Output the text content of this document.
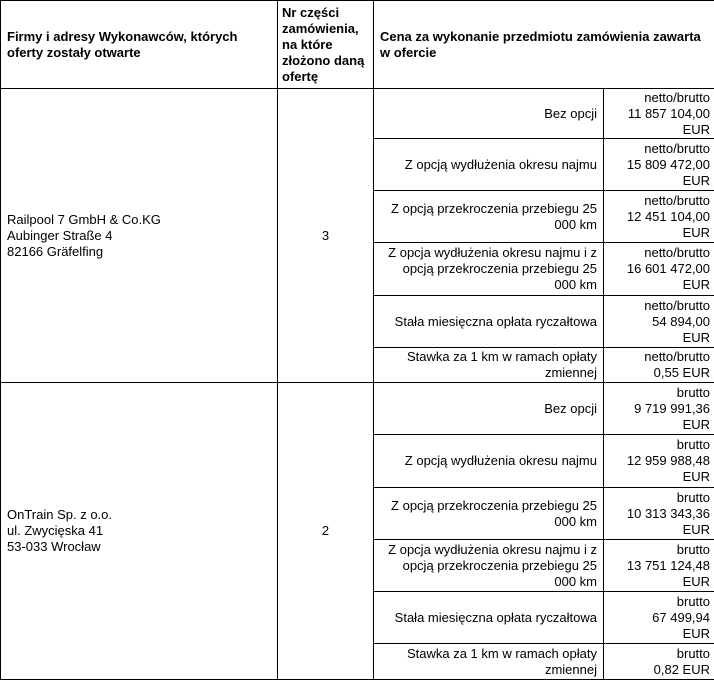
Firmy i adresy Wykonawców, których oferty zostały otwarte	Nr części zamówienia, na które złożono daną ofertę	Cena za wykonanie przedmiotu zamówienia zawarta w ofercie	
Railpool 7 GmbH & Co.KG
Aubinger Straße 4
82166 Gräfelfing	3	Bez opcji	netto/brutto
11 857 104,00
EUR

		Z opcją wydłużenia okresu najmu	netto/brutto
15 809 472,00
EUR

		Z opcją przekroczenia przebiegu 25 000 km	netto/brutto
12 451 104,00
EUR

		Z opcja wydłużenia okresu najmu i z opcją przekroczenia przebiegu 25 000 km	netto/brutto
16 601 472,00
EUR

		Stała miesięczna opłata ryczałtowa	netto/brutto
54 894,00
EUR

		Stawka za 1 km w ramach opłaty zmiennej	netto/brutto
0,55 EUR

OnTrain Sp. z o.o.
ul. Zwycięska 41
53-033 Wrocław	2	Bez opcji	brutto
9 719 991,36
EUR

		Z opcją wydłużenia okresu najmu	brutto
12 959 988,48
EUR

		Z opcją przekroczenia przebiegu 25 000 km	brutto
10 313 343,36
EUR

		Z opcja wydłużenia okresu najmu i z opcją przekroczenia przebiegu 25 000 km	brutto
13 751 124,48
EUR

		Stała miesięczna opłata ryczałtowa	brutto
67 499,94
EUR

		Stawka za 1 km w ramach opłaty zmiennej	brutto
0,82 EUR
